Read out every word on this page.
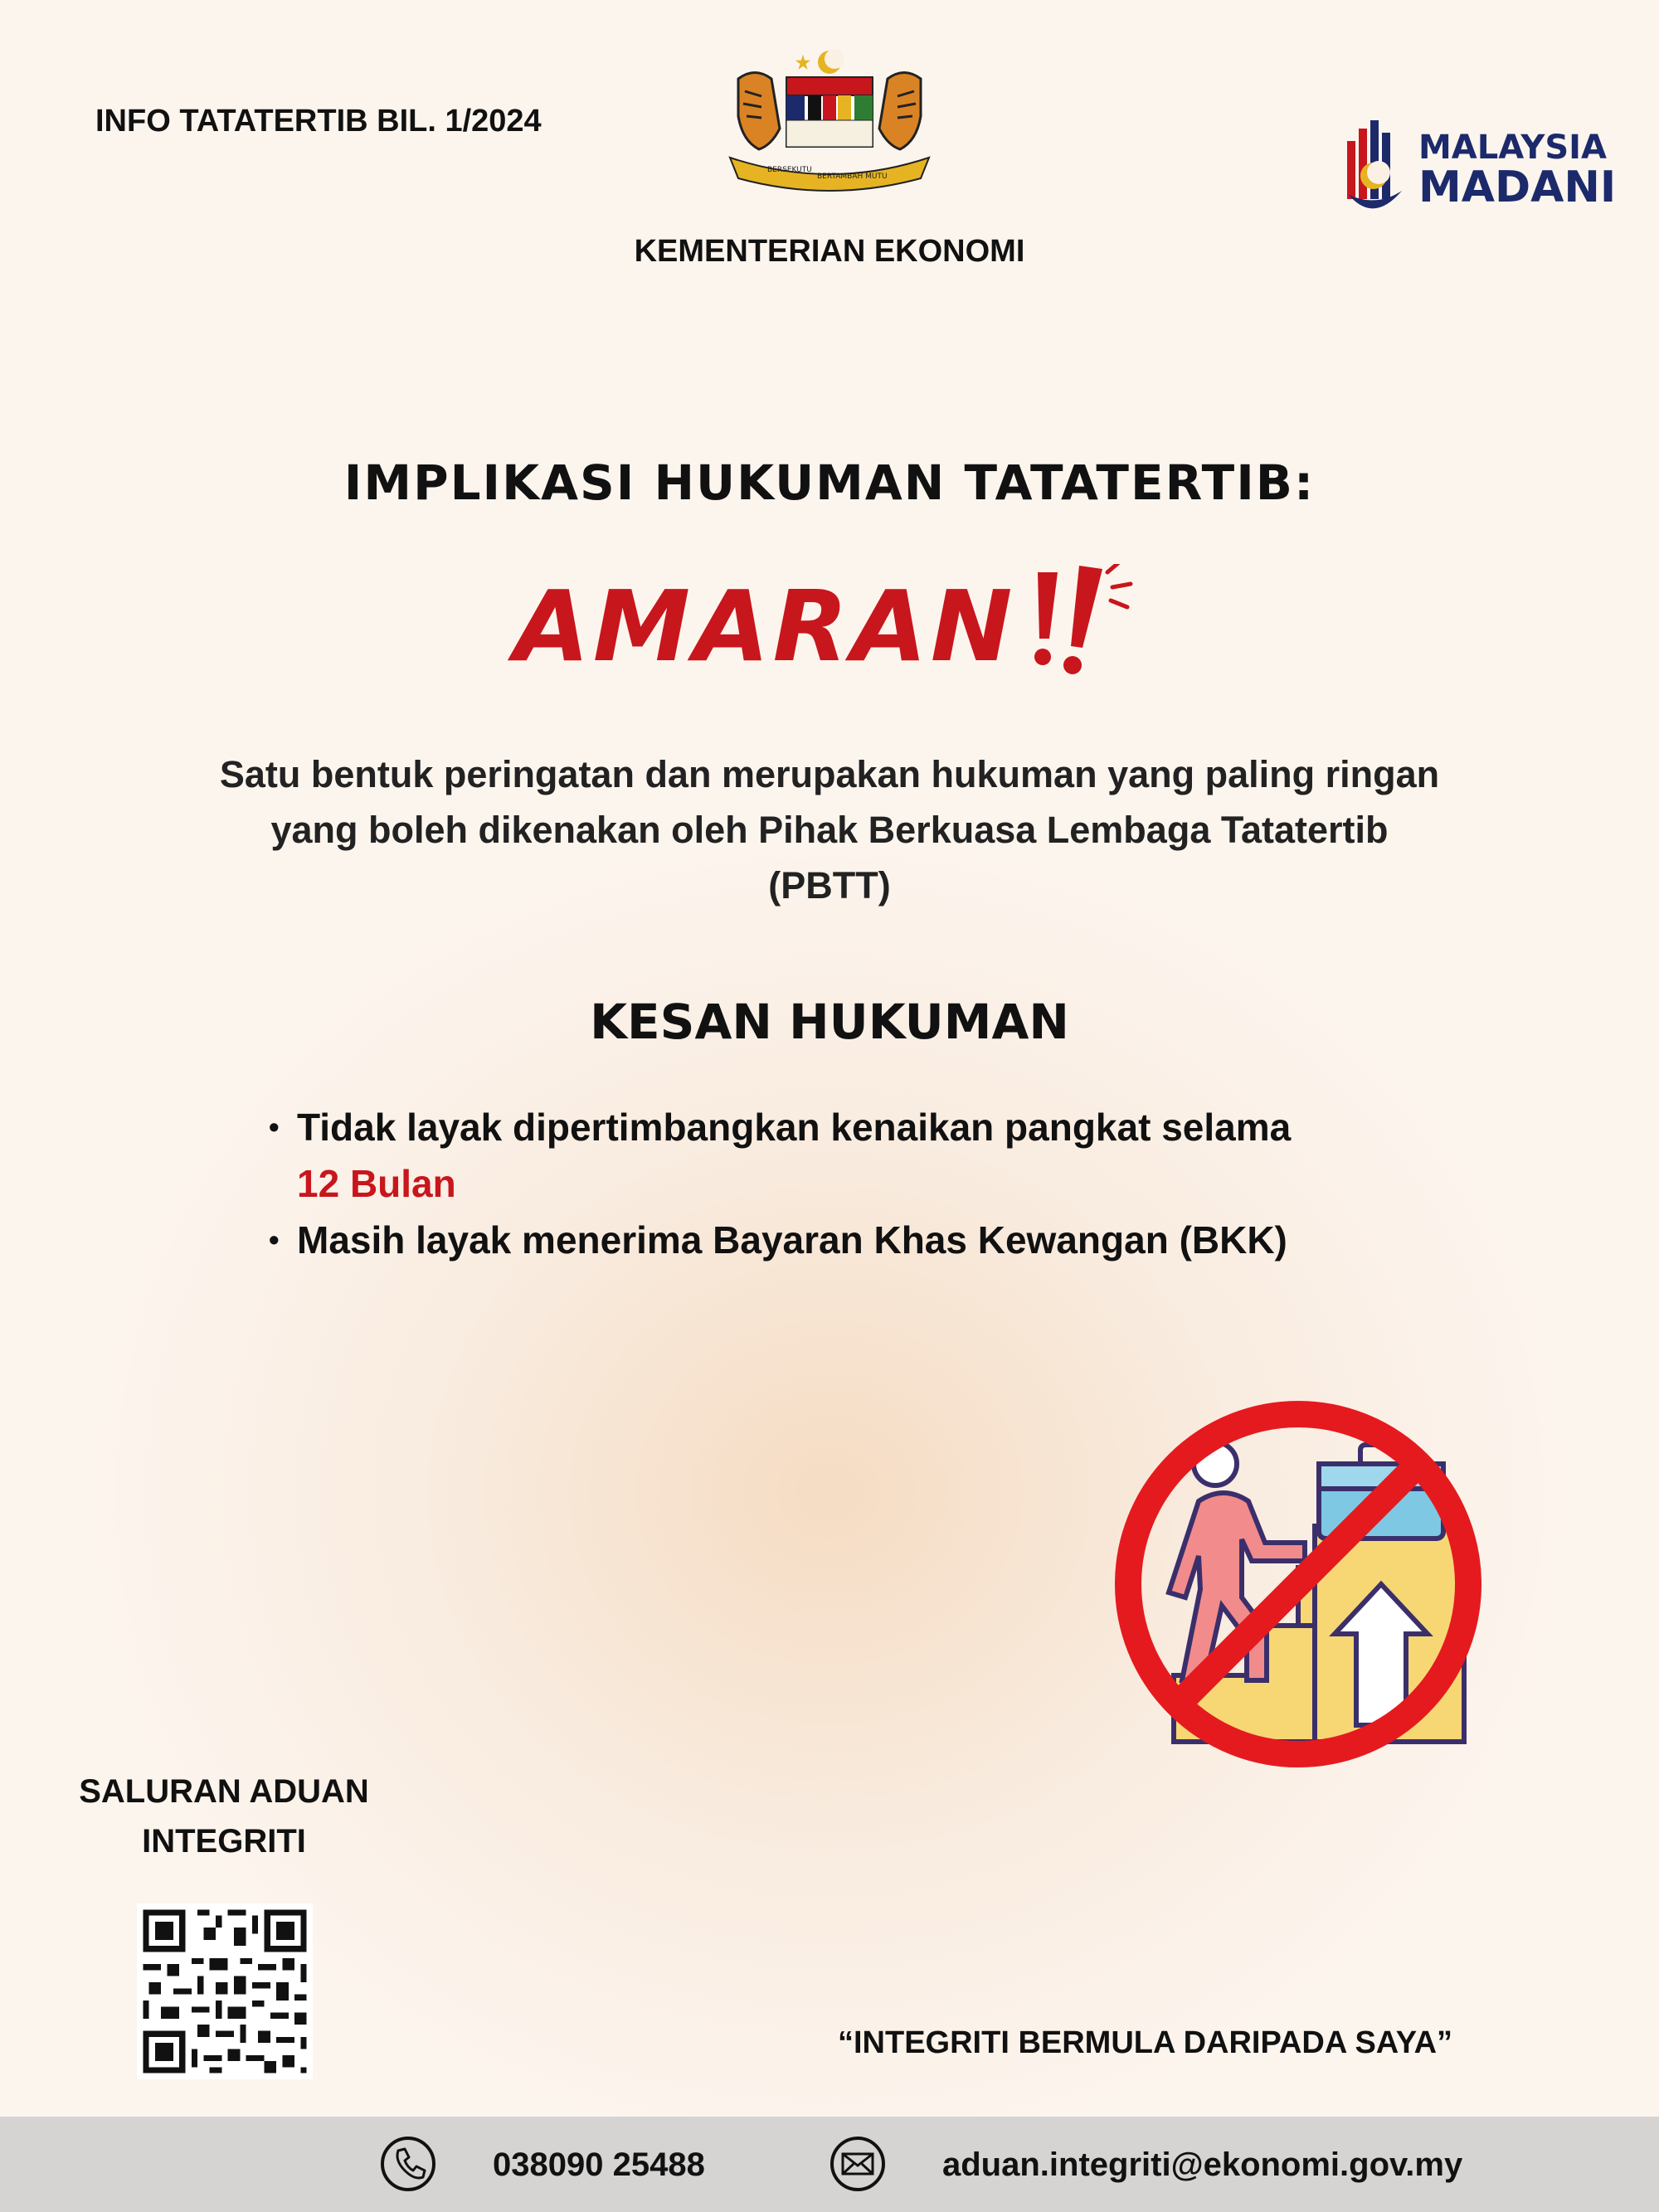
INFO TATATERTIB BIL. 1/2024
BERSEKUTU
BERTAMBAH MUTU
KEMENTERIAN EKONOMI
MALAYSIA
MADANI
IMPLIKASI HUKUMAN TATATERTIB:
AMARAN
Satu bentuk peringatan dan merupakan hukuman yang paling ringan yang boleh dikenakan oleh Pihak Berkuasa Lembaga Tatatertib (PBTT)
KESAN HUKUMAN
• Tidak layak dipertimbangkan kenaikan pangkat selama
12 Bulan
• Masih layak menerima Bayaran Khas Kewangan (BKK)
SALURAN ADUAN INTEGRITI
“INTEGRITI BERMULA DARIPADA SAYA”
038090 25488	aduan.integriti@ekonomi.gov.my
